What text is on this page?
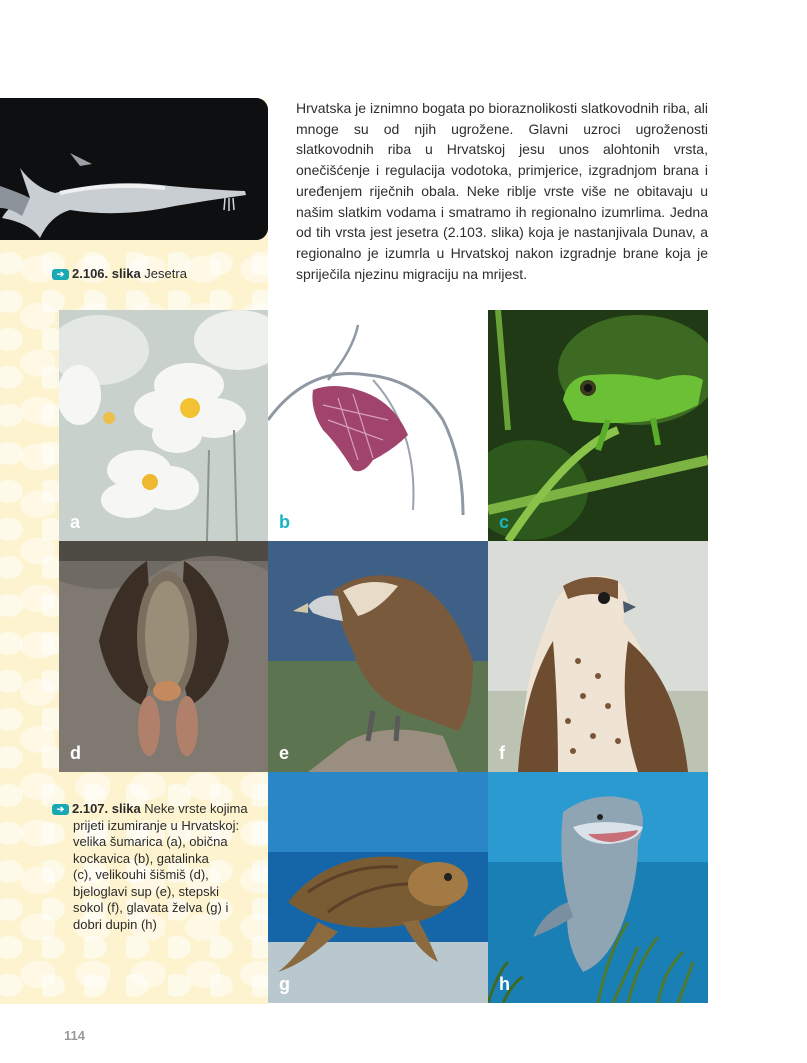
➔ 2.106. slika Jesetra
Hrvatska je iznimno bogata po bioraznolikosti slatkovodnih riba, ali mnoge su od njih ugrožene. Glavni uzroci ugroženosti slatkovodnih riba u Hrvatskoj jesu unos alohtonih vrsta, onečišćenje i regulacija vodotoka, primjerice, izgradnjom brana i uređenjem riječnih obala. Neke riblje vrste više ne obitavaju u našim slatkim vodama i smatramo ih regionalno izumrlima. Jedna od tih vrsta jest jesetra (2.103. slika) koja je nastanjivala Dunav, a regionalno je izumrla u Hrvatskoj nakon izgradnje brane koja je spriječila njezinu migraciju na mrijest.
a	b	c
d	e	f
➔ 2.107. slika Neke vrste kojima
prijeti izumiranje u Hrvatskoj:
velika šumarica (a), obična
kockavica (b), gatalinka
(c), velikouhi šišmiš (d),
bjeloglavi sup (e), stepski
sokol (f), glavata želva (g) i
dobri dupin (h)
g	h
114
